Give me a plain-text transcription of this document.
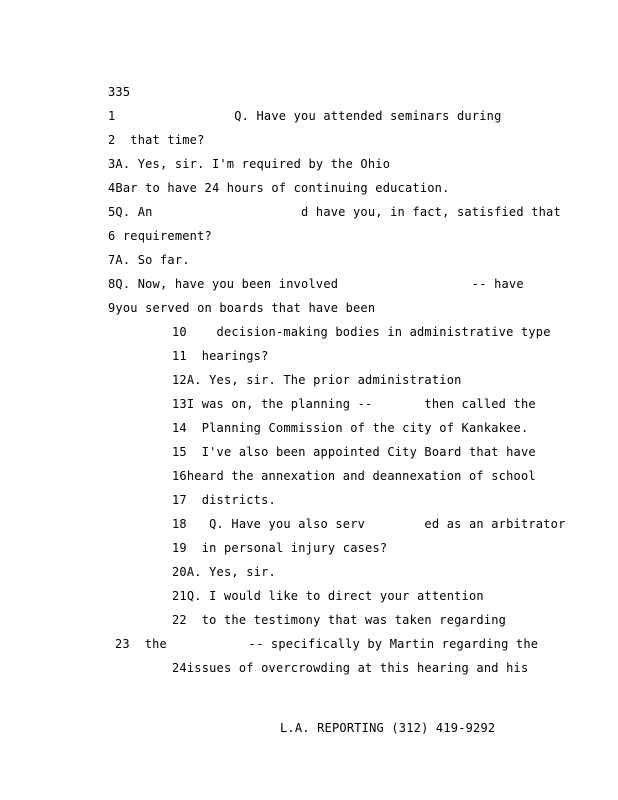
335
1                Q. Have you attended seminars during
2  that time?
3A. Yes, sir. I'm required by the Ohio
4Bar to have 24 hours of continuing education.
5Q. An                    d have you, in fact, satisfied that
6 requirement?
7A. So far.
8Q. Now, have you been involved                  -- have
9you served on boards that have been
10    decision-making bodies in administrative type
11  hearings?
12A. Yes, sir. The prior administration
13I was on, the planning --       then called the
14  Planning Commission of the city of Kankakee.
15  I've also been appointed City Board that have
16heard the annexation and deannexation of school
17  districts.
18   Q. Have you also serv        ed as an arbitrator
19  in personal injury cases?
20A. Yes, sir.
21Q. I would like to direct your attention
22  to the testimony that was taken regarding
23  the           -- specifically by Martin regarding the
24issues of overcrowding at this hearing and his
L.A. REPORTING (312) 419-9292
